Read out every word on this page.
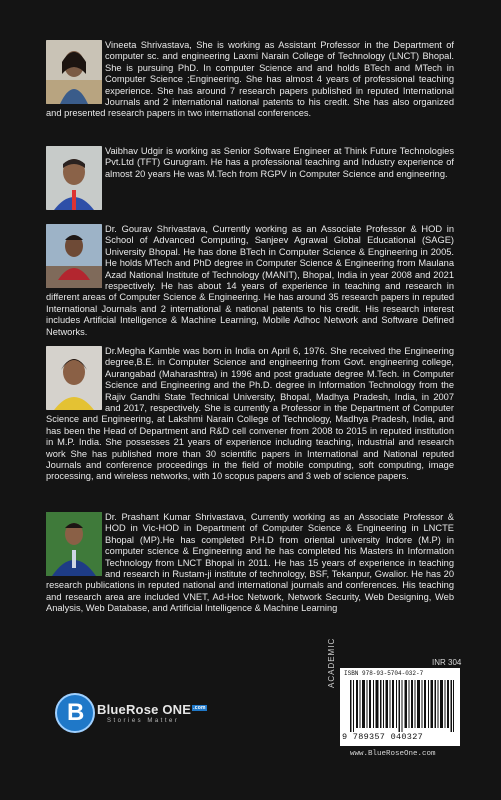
Vineeta Shrivastava, She is working as Assistant Professor in the Department of computer sc. and engineering Laxmi Narain College of Technology (LNCT) Bhopal. She is pursuing PhD. In computer Science and and holds BTech and MTech in Computer Science ;Engineering. She has almost 4 years of professional teaching experience. She has around 7 research papers published in reputed International Journals and 2 international national patents to his credit. She has also organized and presented research papers in two international conferences.

Vaibhav Udgir is working as Senior Software Engineer at Think Future Technologies Pvt.Ltd (TFT) Gurugram. He has a professional teaching and Industry experience of almost 20 years He was M.Tech from RGPV in Computer Science and engineering.

Dr. Gourav Shrivastava, Currently working as an Associate Professor & HOD in School of Advanced Computing, Sanjeev Agrawal Global Educational (SAGE) University Bhopal. He has done BTech in Computer Science & Engineering in 2005. He holds MTech and PhD degree in Computer Science & Engineering from Maulana Azad National Institute of Technology (MANIT), Bhopal, India in year 2008 and 2021 respectively. He has about 14 years of experience in teaching and research in different areas of Computer Science & Engineering. He has around 35 research papers in reputed International Journals and 2 international & national patents to his credit. His research interest includes Artificial Intelligence & Machine Learning, Mobile Adhoc Network and Software Defined Networks.

Dr.Megha Kamble was born in India on April 6, 1976. She received the Engineering degree,B.E. in Computer Science and engineering from Govt. engineering college, Aurangabad (Maharashtra) in 1996 and post graduate degree M.Tech. in Computer Science and Engineering and the Ph.D. degree in Information Technology from the Rajiv Gandhi State Technical University, Bhopal, Madhya Pradesh, India, in 2007 and 2017, respectively. She is currently a Professor in the Department of Computer Science and Engineering, at Lakshmi Narain College of Technology, Madhya Pradesh, India, and has been the Head of Department and R&D cell convener from 2008 to 2015 in reputed institution in M.P. India. She possesses 21 years of experience including teaching, industrial and research work She has published more than 30 scientific papers in International and National reputed Journals and conference proceedings in the field of mobile computing, soft computing, image processing, and wireless networks, with 10 scopus papers and 3 web of science papers.

Dr. Prashant Kumar Shrivastava, Currently working as an Associate Professor & HOD in Vic-HOD in Department of Computer Science & Engineering in LNCTE Bhopal (MP).He has completed P.H.D from oriental university Indore (M.P) in computer science & Engineering and he has completed his Masters in Information Technology from LNCT Bhopal in 2011. He has 15 years of experience in teaching and research in Rustam-ji institute of technology, BSF, Tekanpur, Gwalior. He has 20 research publications in reputed national and international journals and conferences. His teaching and research area are included VNET, Ad-Hoc Network, Network Security, Web Designing, Web Analysis, Web Database, and Artificial Intelligence & Machine Learning

B BlueRose ONE .com
Stories Matter
INR 304
ACADEMIC ISBN 978-93-5704-032-7
9 789357 040327
www.BlueRoseOne.com
